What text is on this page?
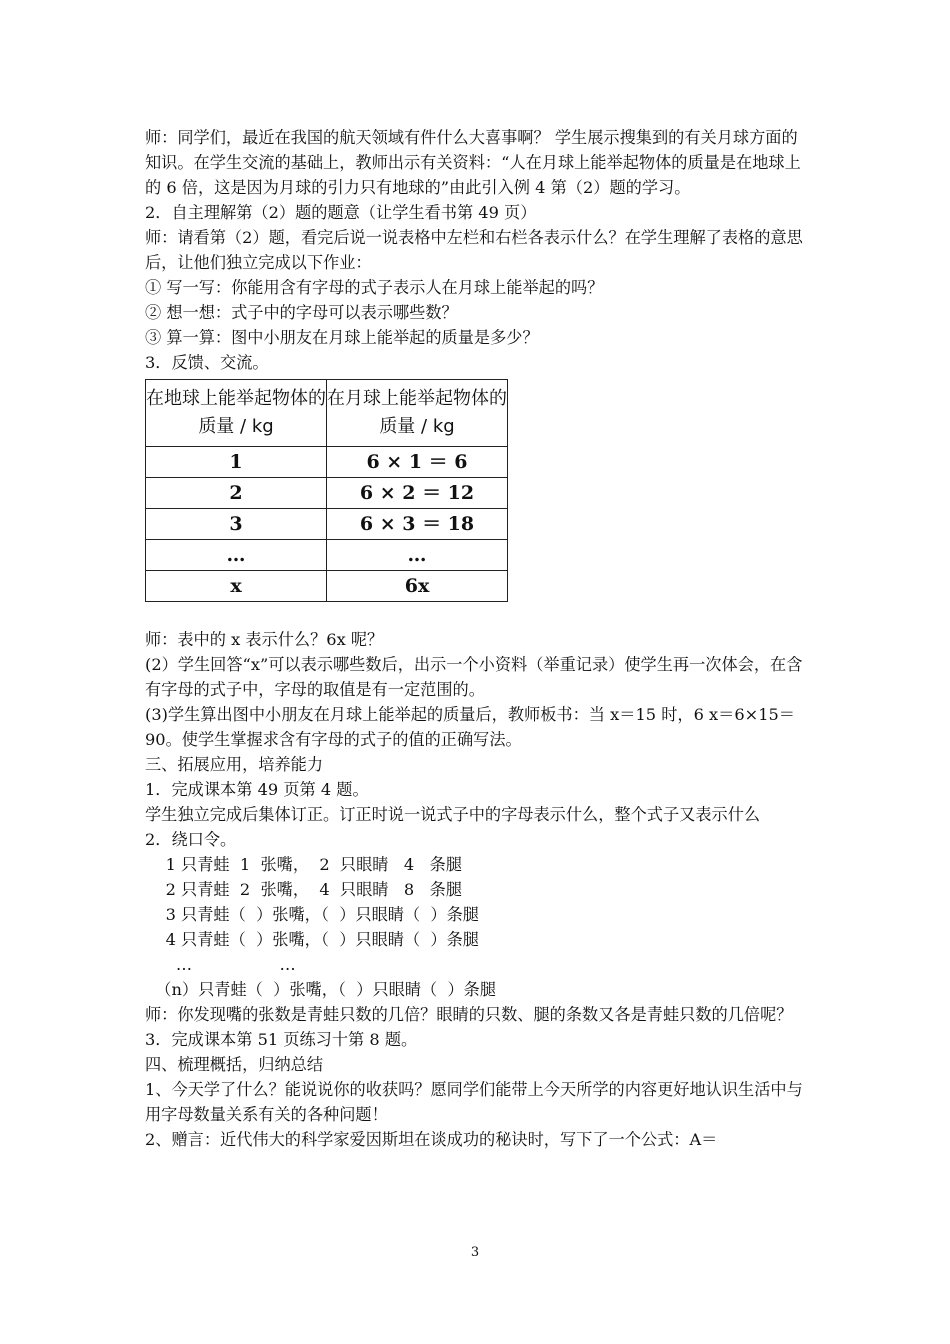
师：同学们，最近在我国的航天领域有件什么大喜事啊？ 学生展示搜集到的有关月球方面的知识。在学生交流的基础上，教师出示有关资料：“人在月球上能举起物体的质量是在地球上的 6 倍，这是因为月球的引力只有地球的”由此引入例 4 第（2）题的学习。

2．自主理解第（2）题的题意（让学生看书第 49 页）

师：请看第（2）题，看完后说一说表格中左栏和右栏各表示什么？在学生理解了表格的意思后，让他们独立完成以下作业：

① 写一写：你能用含有字母的式子表示人在月球上能举起的吗？

② 想一想：式子中的字母可以表示哪些数？

③ 算一算：图中小朋友在月球上能举起的质量是多少？

3．反馈、交流。

在地球上能举起物体的质量 / kg	在月球上能举起物体的质量 / kg
1	6 × 1 ＝ 6
2	6 × 2 ＝ 12
3	6 × 3 ＝ 18
…	…
x	6x

师：表中的 x 表示什么？6x 呢？

(2）学生回答“x”可以表示哪些数后，出示一个小资料（举重记录）使学生再一次体会，在含有字母的式子中，字母的取值是有一定范围的。

(3)学生算出图中小朋友在月球上能举起的质量后，教师板书：当 x＝15 时，6 x＝6×15＝90。使学生掌握求含有字母的式子的值的正确写法。

三、拓展应用，培养能力

1．完成课本第 49 页第 4 题。

学生独立完成后集体订正。订正时说一说式子中的字母表示什么，整个式子又表示什么

2．绕口令。

1 只青蛙  1  张嘴，  2  只眼睛   4   条腿

2 只青蛙  2  张嘴，  4  只眼睛   8   条腿

3 只青蛙（  ）张嘴，（  ）只眼睛（  ）条腿

4 只青蛙（  ）张嘴，（  ）只眼睛（  ）条腿

…                 …

（n）只青蛙（  ）张嘴，（  ）只眼睛（  ）条腿

师：你发现嘴的张数是青蛙只数的几倍？眼睛的只数、腿的条数又各是青蛙只数的几倍呢？

3．完成课本第 51 页练习十第 8 题。

四、梳理概括，归纳总结

1、今天学了什么？能说说你的收获吗？愿同学们能带上今天所学的内容更好地认识生活中与用字母数量关系有关的各种问题！

2、赠言：近代伟大的科学家爱因斯坦在谈成功的秘诀时，写下了一个公式：A＝

3
